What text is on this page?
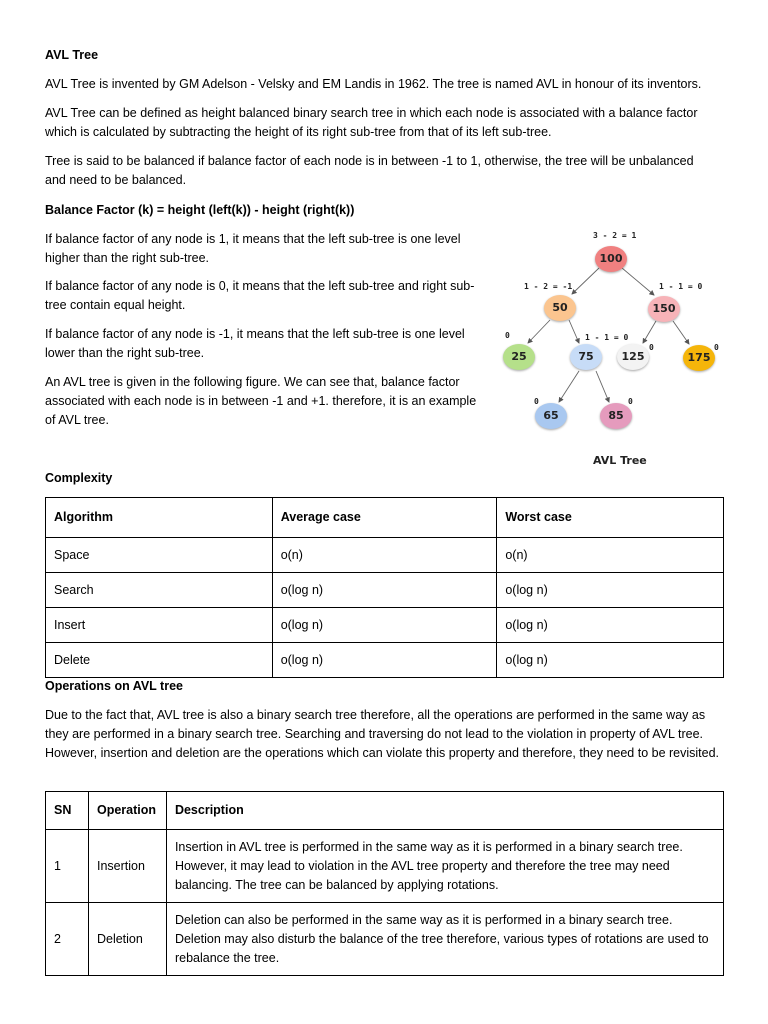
AVL Tree

AVL Tree is invented by GM Adelson - Velsky and EM Landis in 1962. The tree is named AVL in honour of its inventors.

AVL Tree can be defined as height balanced binary search tree in which each node is associated with a balance factor which is calculated by subtracting the height of its right sub-tree from that of its left sub-tree.

Tree is said to be balanced if balance factor of each node is in between -1 to 1, otherwise, the tree will be unbalanced and need to be balanced.

Balance Factor (k) = height (left(k)) - height (right(k))

If balance factor of any node is 1, it means that the left sub-tree is one level higher than the right sub-tree.

If balance factor of any node is 0, it means that the left sub-tree and right sub-tree contain equal height.

If balance factor of any node is -1, it means that the left sub-tree is one level lower than the right sub-tree.

An AVL tree is given in the following figure. We can see that, balance factor associated with each node is in between -1 and +1. therefore, it is an example of AVL tree.

Complexity

100
50	150
25	75	125	175
65	85
3 - 2 = 1
1 - 2 = -1	1 - 1 = 0
0	1 - 1 = 0
0	0
0	0
AVL Tree
Algorithm	Average case	Worst case
Space	o(n)	o(n)
Search	o(log n)	o(log n)
Insert	o(log n)	o(log n)
Delete	o(log n)	o(log n)

Operations on AVL tree

Due to the fact that, AVL tree is also a binary search tree therefore, all the operations are performed in the same way as they are performed in a binary search tree. Searching and traversing do not lead to the violation in property of AVL tree. However, insertion and deletion are the operations which can violate this property and therefore, they need to be revisited.

SN	Operation	Description
1	Insertion	Insertion in AVL tree is performed in the same way as it is performed in a binary search tree. However, it may lead to violation in the AVL tree property and therefore the tree may need balancing. The tree can be balanced by applying rotations.
2	Deletion	Deletion can also be performed in the same way as it is performed in a binary search tree. Deletion may also disturb the balance of the tree therefore, various types of rotations are used to rebalance the tree.
